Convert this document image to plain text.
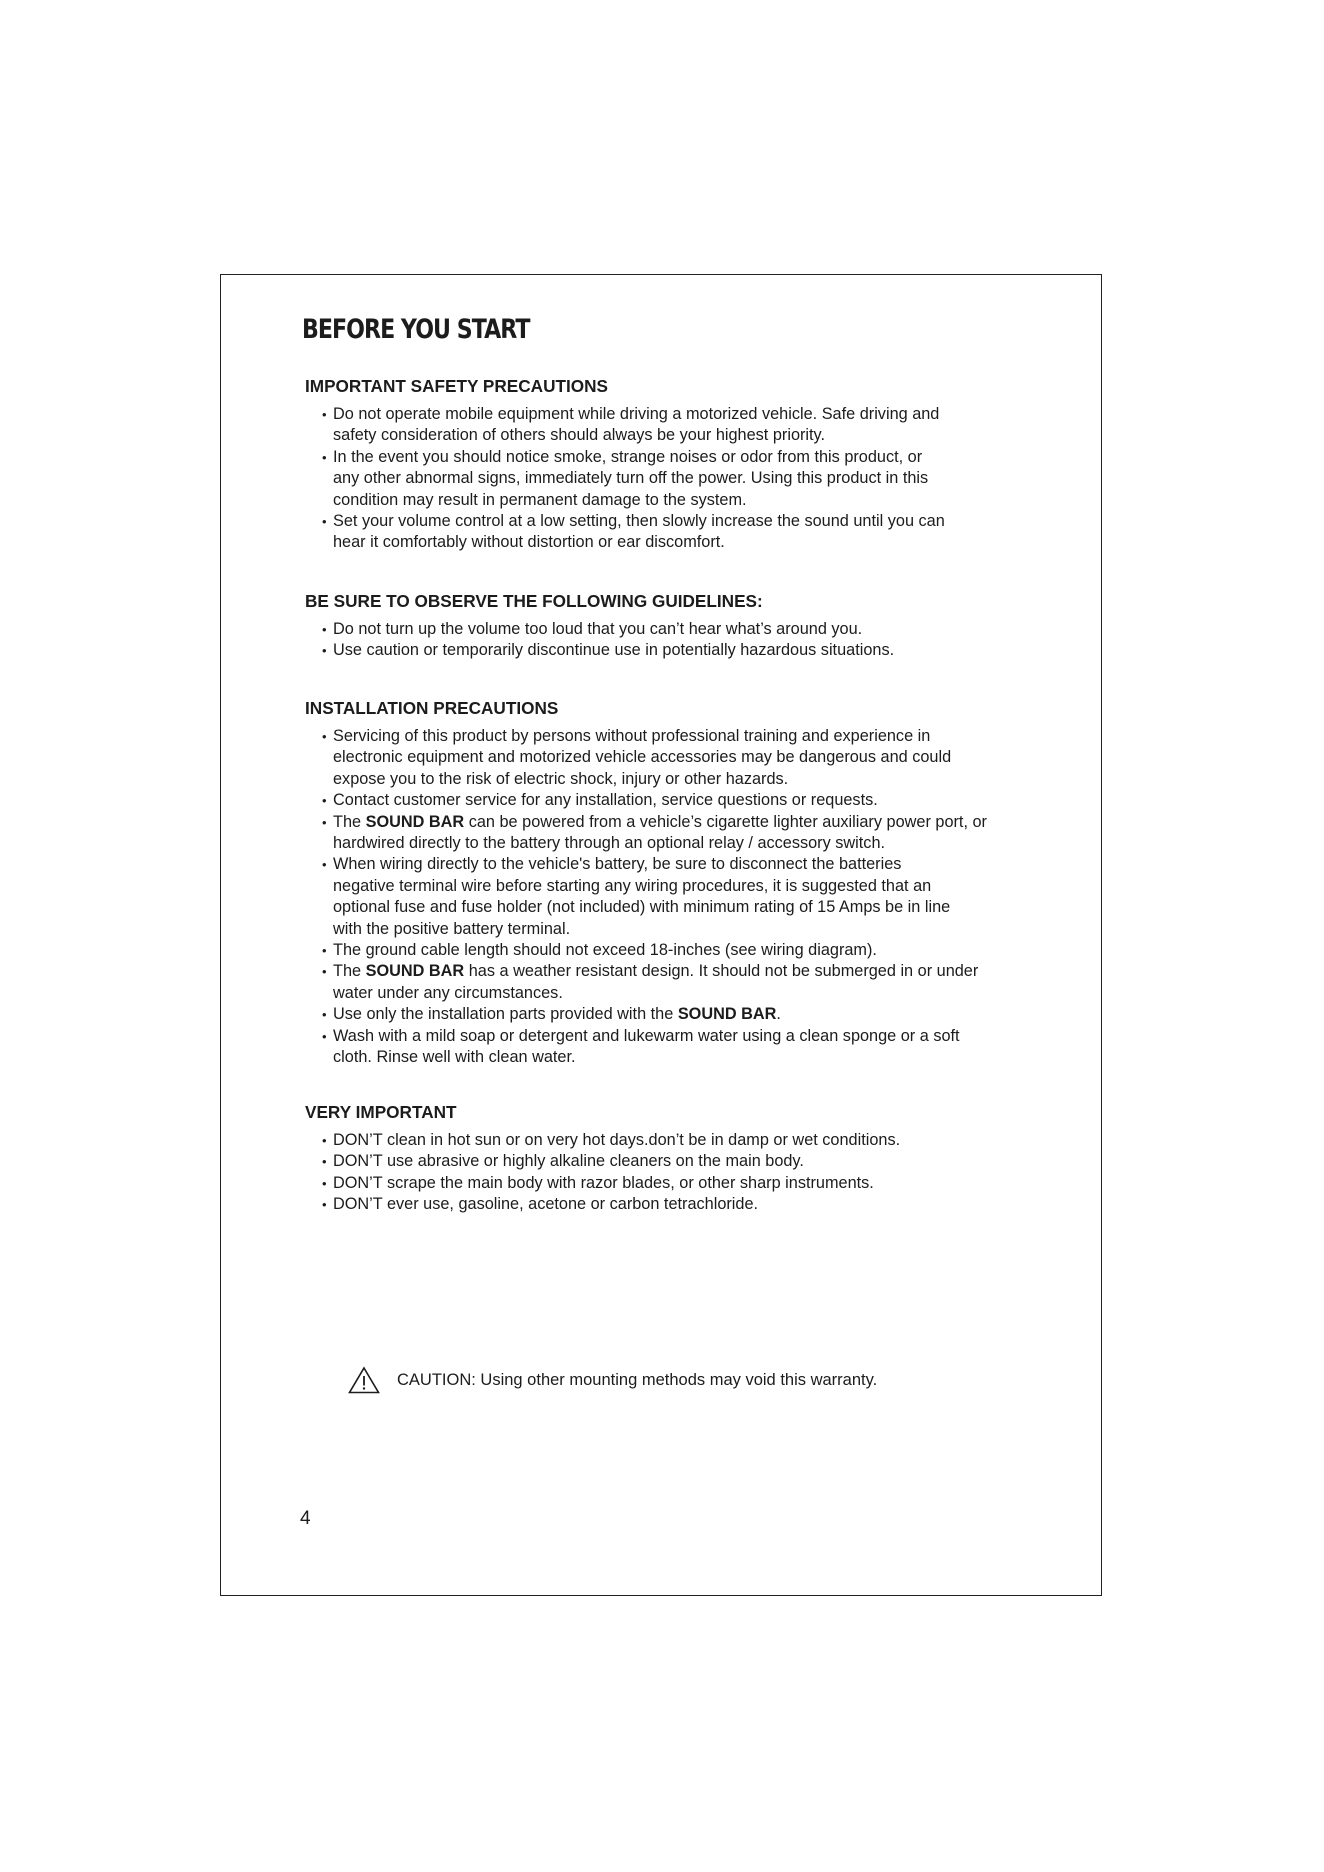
BEFORE YOU START
IMPORTANT SAFETY PRECAUTIONS
• Do not operate mobile equipment while driving a motorized vehicle. Safe driving and
safety consideration of others should always be your highest priority.
• In the event you should notice smoke, strange noises or odor from this product, or
any other abnormal signs, immediately turn off the power. Using this product in this
condition may result in permanent damage to the system.
• Set your volume control at a low setting, then slowly increase the sound until you can
hear it comfortably without distortion or ear discomfort.
BE SURE TO OBSERVE THE FOLLOWING GUIDELINES:
• Do not turn up the volume too loud that you can’t hear what’s around you.
• Use caution or temporarily discontinue use in potentially hazardous situations.
INSTALLATION PRECAUTIONS
• Servicing of this product by persons without professional training and experience in
electronic equipment and motorized vehicle accessories may be dangerous and could
expose you to the risk of electric shock, injury or other hazards.
• Contact customer service for any installation, service questions or requests.
• The SOUND BAR can be powered from a vehicle’s cigarette lighter auxiliary power port, or
hardwired directly to the battery through an optional relay / accessory switch.
• When wiring directly to the vehicle's battery, be sure to disconnect the batteries
negative terminal wire before starting any wiring procedures, it is suggested that an
optional fuse and fuse holder (not included) with minimum rating of 15 Amps be in line
with the positive battery terminal.
• The ground cable length should not exceed 18-inches (see wiring diagram).
• The SOUND BAR has a weather resistant design. It should not be submerged in or under
water under any circumstances.
• Use only the installation parts provided with the SOUND BAR.
• Wash with a mild soap or detergent and lukewarm water using a clean sponge or a soft
cloth. Rinse well with clean water.
VERY IMPORTANT
• DON’T clean in hot sun or on very hot days.don’t be in damp or wet conditions.
• DON’T use abrasive or highly alkaline cleaners on the main body.
• DON’T scrape the main body with razor blades, or other sharp instruments.
• DON’T ever use, gasoline, acetone or carbon tetrachloride.
CAUTION: Using other mounting methods may void this warranty.
4
